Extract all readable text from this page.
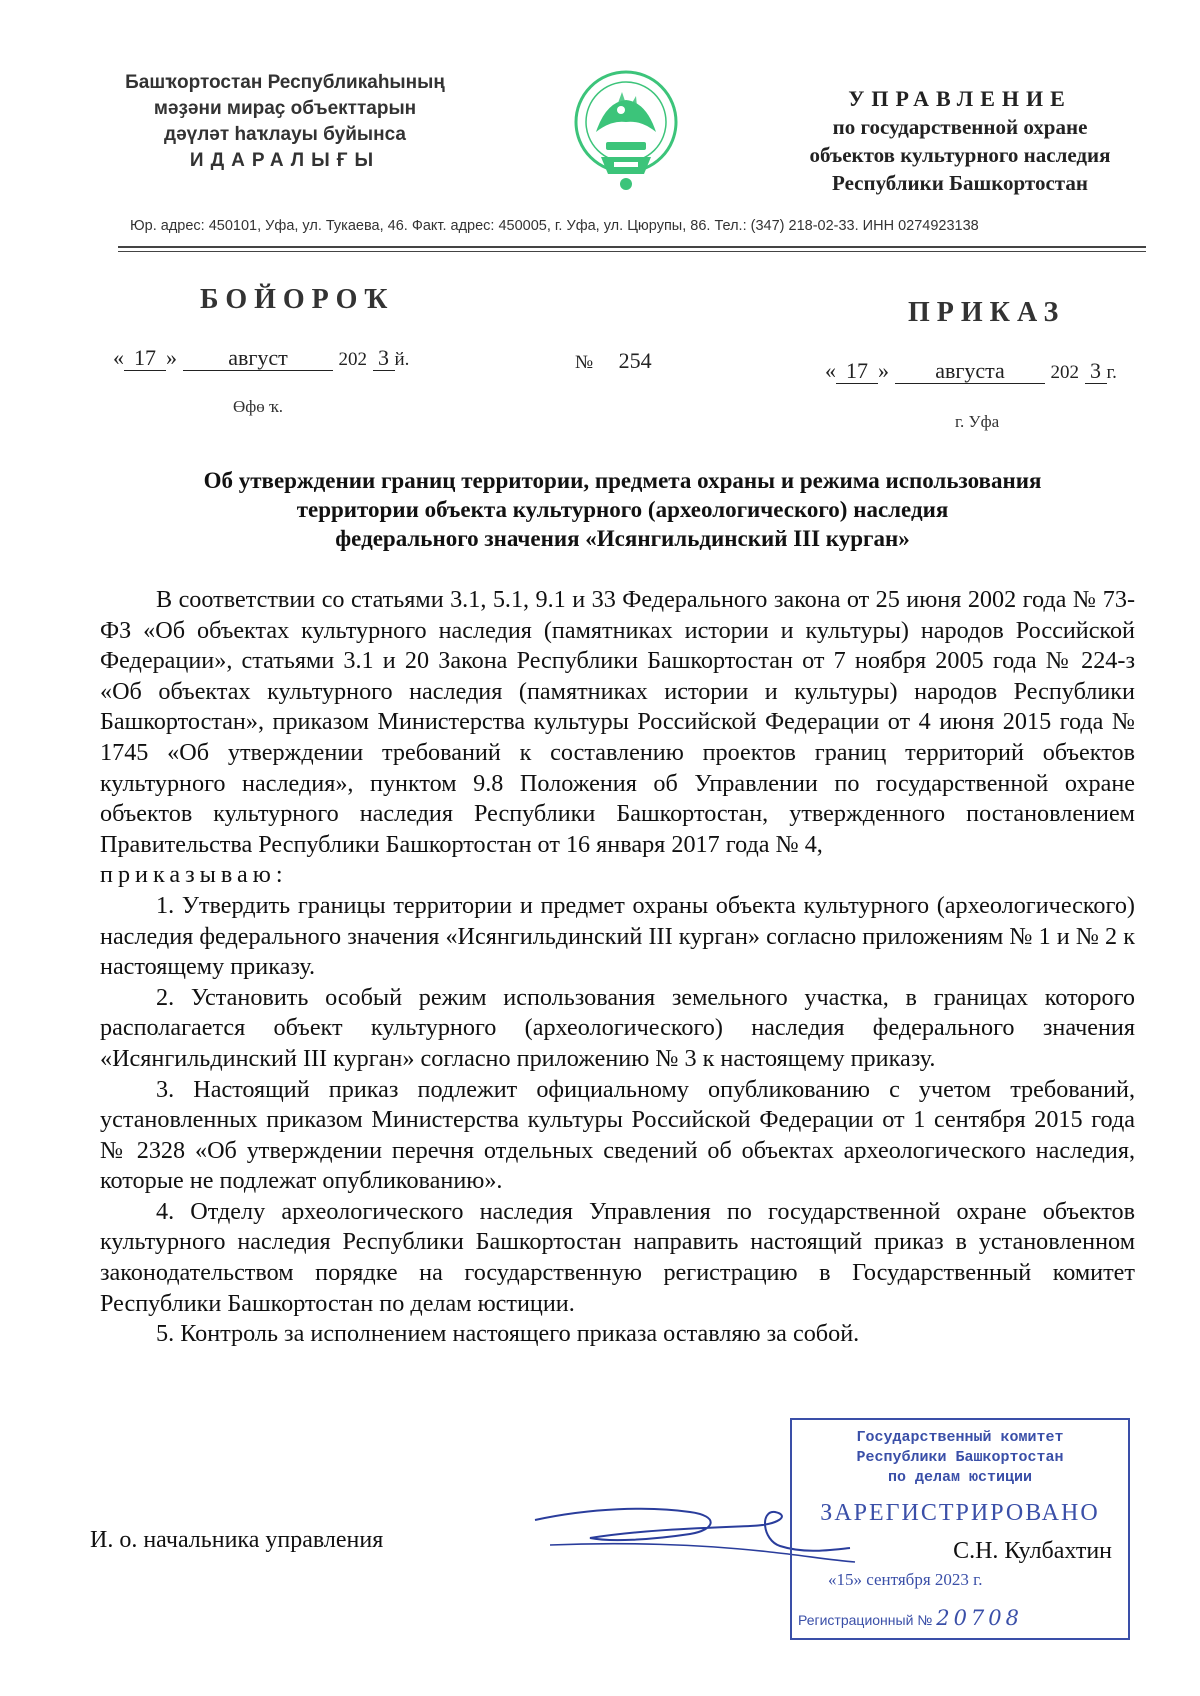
Башҡортостан Республикаһының
мәҙәни мираҫ объекттарын
дәүләт һаҡлауы буйынса
ИДАРАЛЫҒЫ
УПРАВЛЕНИЕ
по государственной охране
объектов культурного наследия
Республики Башкортостан
Юр. адрес: 450101, Уфа, ул. Тукаева, 46. Факт. адрес: 450005, г. Уфа, ул. Цюрупы, 86. Тел.: (347) 218-02-33. ИНН 0274923138
БОЙОРОҠ	ПРИКАЗ
« 17 » август	202 3 й.	№ 254	« 17 » августа 202 3 г.
Өфө ҡ.
г. Уфа
Об утверждении границ территории, предмета охраны и режима использования
территории объекта культурного (археологического) наследия
федерального значения «Исянгильдинский III курган»

В соответствии со статьями 3.1, 5.1, 9.1 и 33 Федерального закона от 25 июня 2002 года № 73-ФЗ «Об объектах культурного наследия (памятниках истории и культуры) народов Российской Федерации», статьями 3.1 и 20 Закона Республики Башкортостан от 7 ноября 2005 года № 224-з «Об объектах культурного наследия (памятниках истории и культуры) народов Республики Башкортостан», приказом Министерства культуры Российской Федерации от 4 июня 2015 года № 1745 «Об утверждении требований к составлению проектов границ территорий объектов культурного наследия», пунктом 9.8 Положения об Управлении по государственной охране объектов культурного наследия Республики Башкортостан, утвержденного постановлением Правительства Республики Башкортостан от 16 января 2017 года № 4,

приказываю:

1. Утвердить границы территории и предмет охраны объекта культурного (археологического) наследия федерального значения «Исянгильдинский III курган» согласно приложениям № 1 и № 2 к настоящему приказу.

2. Установить особый режим использования земельного участка, в границах которого располагается объект культурного (археологического) наследия федерального значения «Исянгильдинский III курган» согласно приложению № 3 к настоящему приказу.

3. Настоящий приказ подлежит официальному опубликованию с учетом требований, установленных приказом Министерства культуры Российской Федерации от 1 сентября 2015 года № 2328 «Об утверждении перечня отдельных сведений об объектах археологического наследия, которые не подлежат опубликованию».

4. Отделу археологического наследия Управления по государственной охране объектов культурного наследия Республики Башкортостан направить настоящий приказ в установленном законодательством порядке на государственную регистрацию в Государственный комитет Республики Башкортостан по делам юстиции.

5. Контроль за исполнением настоящего приказа оставляю за собой.

И. о. начальника управления
Государственный комитет
Республики Башкортостан
по делам юстиции
ЗАРЕГИСТРИРОВАНО
С.Н. Кулбахтин
«15» сентября 2023 г.
Регистрационный № 20708
